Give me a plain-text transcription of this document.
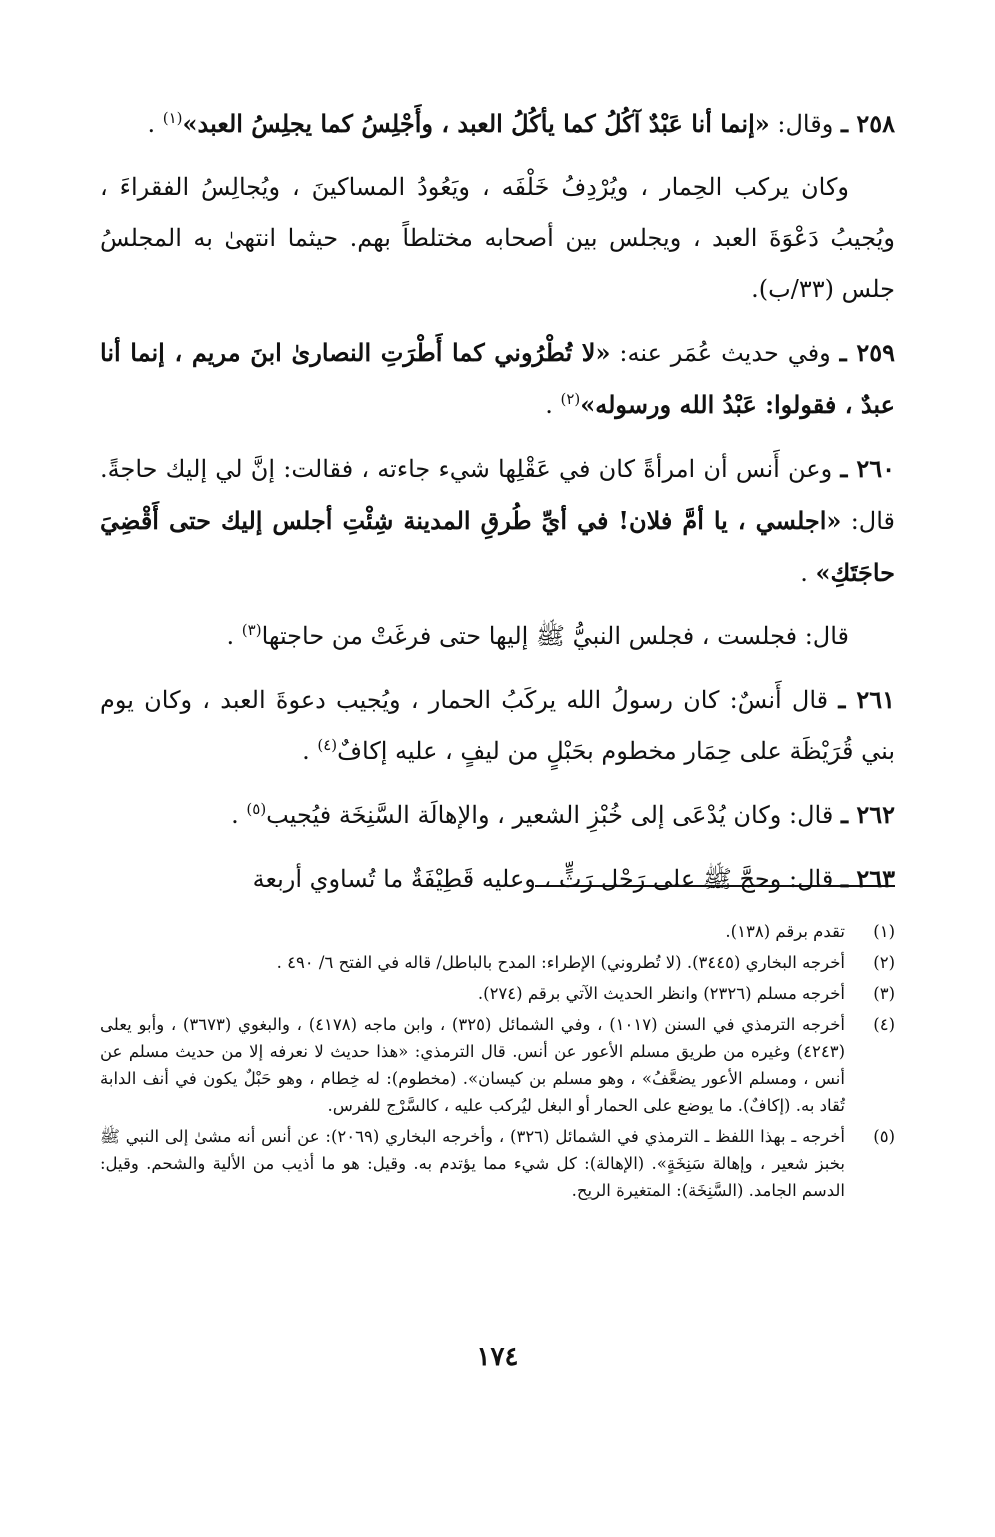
٢٥٨ ـ وقال: «إنما أنا عَبْدٌ آكُلُ كما يأكُلُ العبد ، وأَجْلِسُ كما يجلِسُ العبد»$^{(١)}$ .

وكان يركب الحِمار ، ويُرْدِفُ خَلْفَه ، ويَعُودُ المساكينَ ، ويُجالِسُ الفقراءَ ، ويُجيبُ دَعْوَةَ العبد ، ويجلس بين أصحابه مختلطاً بهم. حيثما انتهىٰ به المجلسُ جلس (٣٣/ب).

٢٥٩ ـ وفي حديث عُمَر عنه: «لا تُطْرُوني كما أَطْرَتِ النصارىٰ ابنَ مريم ، إنما أنا عبدٌ ، فقولوا: عَبْدُ الله ورسوله»$^{(٢)}$ .

٢٦٠ ـ وعن أَنس أن امرأةً كان في عَقْلِها شيء جاءته ، فقالت: إنَّ لي إليك حاجةً. قال: «اجلسي ، يا أمَّ فلان! في أيِّ طُرقِ المدينة شِئْتِ أجلس إليك حتى أَقْضِيَ حاجَتَكِ» .

قال: فجلست ، فجلس النبيُّ ﷺ إليها حتى فرغَتْ من حاجتها$^{(٣)}$ .

٢٦١ ـ قال أَنسٌ: كان رسولُ الله يركَبُ الحمار ، ويُجيب دعوةَ العبد ، وكان يوم بني قُرَيْظَة على حِمَار مخطوم بحَبْلٍ من ليفٍ ، عليه إكافٌ$^{(٤)}$ .

٢٦٢ ـ قال: وكان يُدْعَى إلى خُبْزِ الشعير ، والإهالَة السَّنِخَة فيُجيب$^{(٥)}$ .

٢٦٣ ـ قال: وحجَّ ﷺ على رَحْل رَثٍّ ، وعليه قَطِيْفَةٌ ما تُساوي أربعة

(١)
تقدم برقم (١٣٨).
(٢)
أخرجه البخاري (٣٤٤٥). (لا تُطروني) الإطراء: المدح بالباطل/ قاله في الفتح ٦/ ٤٩٠ .
(٣)
أخرجه مسلم (٢٣٢٦) وانظر الحديث الآتي برقم (٢٧٤).
(٤)
أخرجه الترمذي في السنن (١٠١٧) ، وفي الشمائل (٣٢٥) ، وابن ماجه (٤١٧٨) ، والبغوي (٣٦٧٣) ، وأبو يعلى (٤٢٤٣) وغيره من طريق مسلم الأعور عن أنس. قال الترمذي: «هذا حديث لا نعرفه إلا من حديث مسلم عن أنس ، ومسلم الأعور يضعَّفُ» ، وهو مسلم بن كيسان». (مخطوم): له خِطام ، وهو حَبْلٌ يكون في أنف الدابة تُقاد به. (إكافٌ). ما يوضع على الحمار أو البغل ليُركب عليه ، كالسَّرْج للفرس.
(٥)
أخرجه ـ بهذا اللفظ ـ الترمذي في الشمائل (٣٢٦) ، وأخرجه البخاري (٢٠٦٩): عن أنس أنه مشىٰ إلى النبي ﷺ بخبز شعير ، وإهالة سَنِخَةٍ». (الإهالة): كل شيء مما يؤتدم به. وقيل: هو ما أذيب من الألية والشحم. وقيل: الدسم الجامد. (السَّنِخَة): المتغيرة الريح.
١٧٤
